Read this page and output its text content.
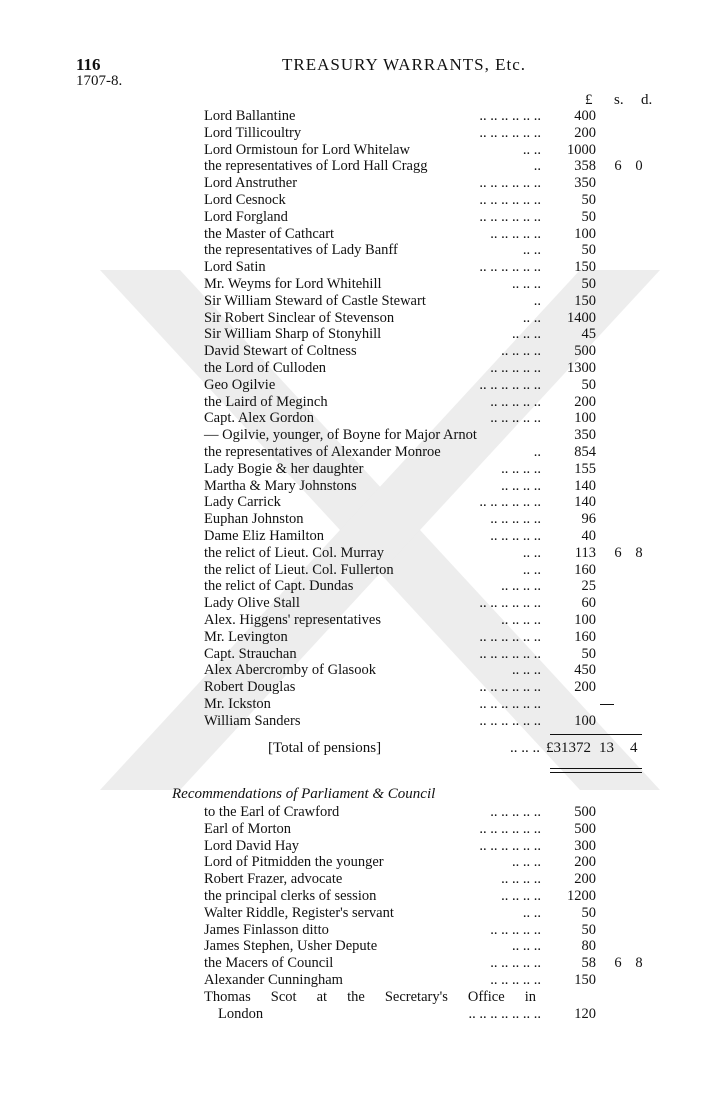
116	TREASURY WARRANTS, Etc.
1707-8.
£ s. d.
Lord Ballantine	.. .. .. .. .. .. 400
Lord Tillicoultry	.. .. .. .. .. .. 200
Lord Ormistoun for Lord Whitelaw	.. .. 1000
the representatives of Lord Hall Cragg	.. 358 6 0
Lord Anstruther	.. .. .. .. .. .. 350
Lord Cesnock	.. .. .. .. .. ..	50
Lord Forgland	.. .. .. .. .. ..	50
the Master of Cathcart	.. .. .. .. .. 100
the representatives of Lady Banff	.. ..	50
Lord Satin	.. .. .. .. .. .. 150
Mr. Weyms for Lord Whitehill	.. .. ..	50
Sir William Steward of Castle Stewart	.. 150
Sir Robert Sinclear of Stevenson	.. .. 1400
Sir William Sharp of Stonyhill	.. .. ..	45
David Stewart of Coltness	.. .. .. .. 500
the Lord of Culloden	.. .. .. .. .. 1300
Geo Ogilvie	.. .. .. .. .. ..	50
the Laird of Meginch	.. .. .. .. .. 200
Capt. Alex Gordon	.. .. .. .. .. 100
— Ogilvie, younger, of Boyne for Major Arnot	350
the representatives of Alexander Monroe	.. 854
Lady Bogie & her daughter	.. .. .. .. 155
Martha & Mary Johnstons	.. .. .. .. 140
Lady Carrick	.. .. .. .. .. .. 140
Euphan Johnston	.. .. .. .. ..	96
Dame Eliz Hamilton	.. .. .. .. ..	40
the relict of Lieut. Col. Murray	.. .. 113 6 8
the relict of Lieut. Col. Fullerton	.. .. 160
the relict of Capt. Dundas	.. .. .. ..	25
Lady Olive Stall	.. .. .. .. .. ..	60
Alex. Higgens' representatives	.. .. .. .. 100
Mr. Levington	.. .. .. .. .. .. 160
Capt. Strauchan	.. .. .. .. .. ..	50
Alex Abercromby of Glasook	.. .. .. 450
Robert Douglas	.. .. .. .. .. .. 200
Mr. Ickston	.. .. .. .. .. ..
William Sanders	.. .. .. .. .. .. 100
[Total of pensions]	.. .. .. £31372 13 4
Recommendations of Parliament & Council
to the Earl of Crawford	.. .. .. .. .. 500
Earl of Morton	.. .. .. .. .. .. 500
Lord David Hay	.. .. .. .. .. .. 300
Lord of Pitmidden the younger	.. .. .. 200
Robert Frazer, advocate	.. .. .. .. 200
the principal clerks of session	.. .. .. .. 1200
Walter Riddle, Register's servant	.. ..	50
James Finlasson ditto	.. .. .. .. ..	50
James Stephen, Usher Depute	.. .. ..	80
the Macers of Council	.. .. .. .. ..	58 6 8
Alexander Cunningham	.. .. .. .. .. 150
Thomas Scot at the Secretary's Office in
London	.. .. .. .. .. .. .. 120
